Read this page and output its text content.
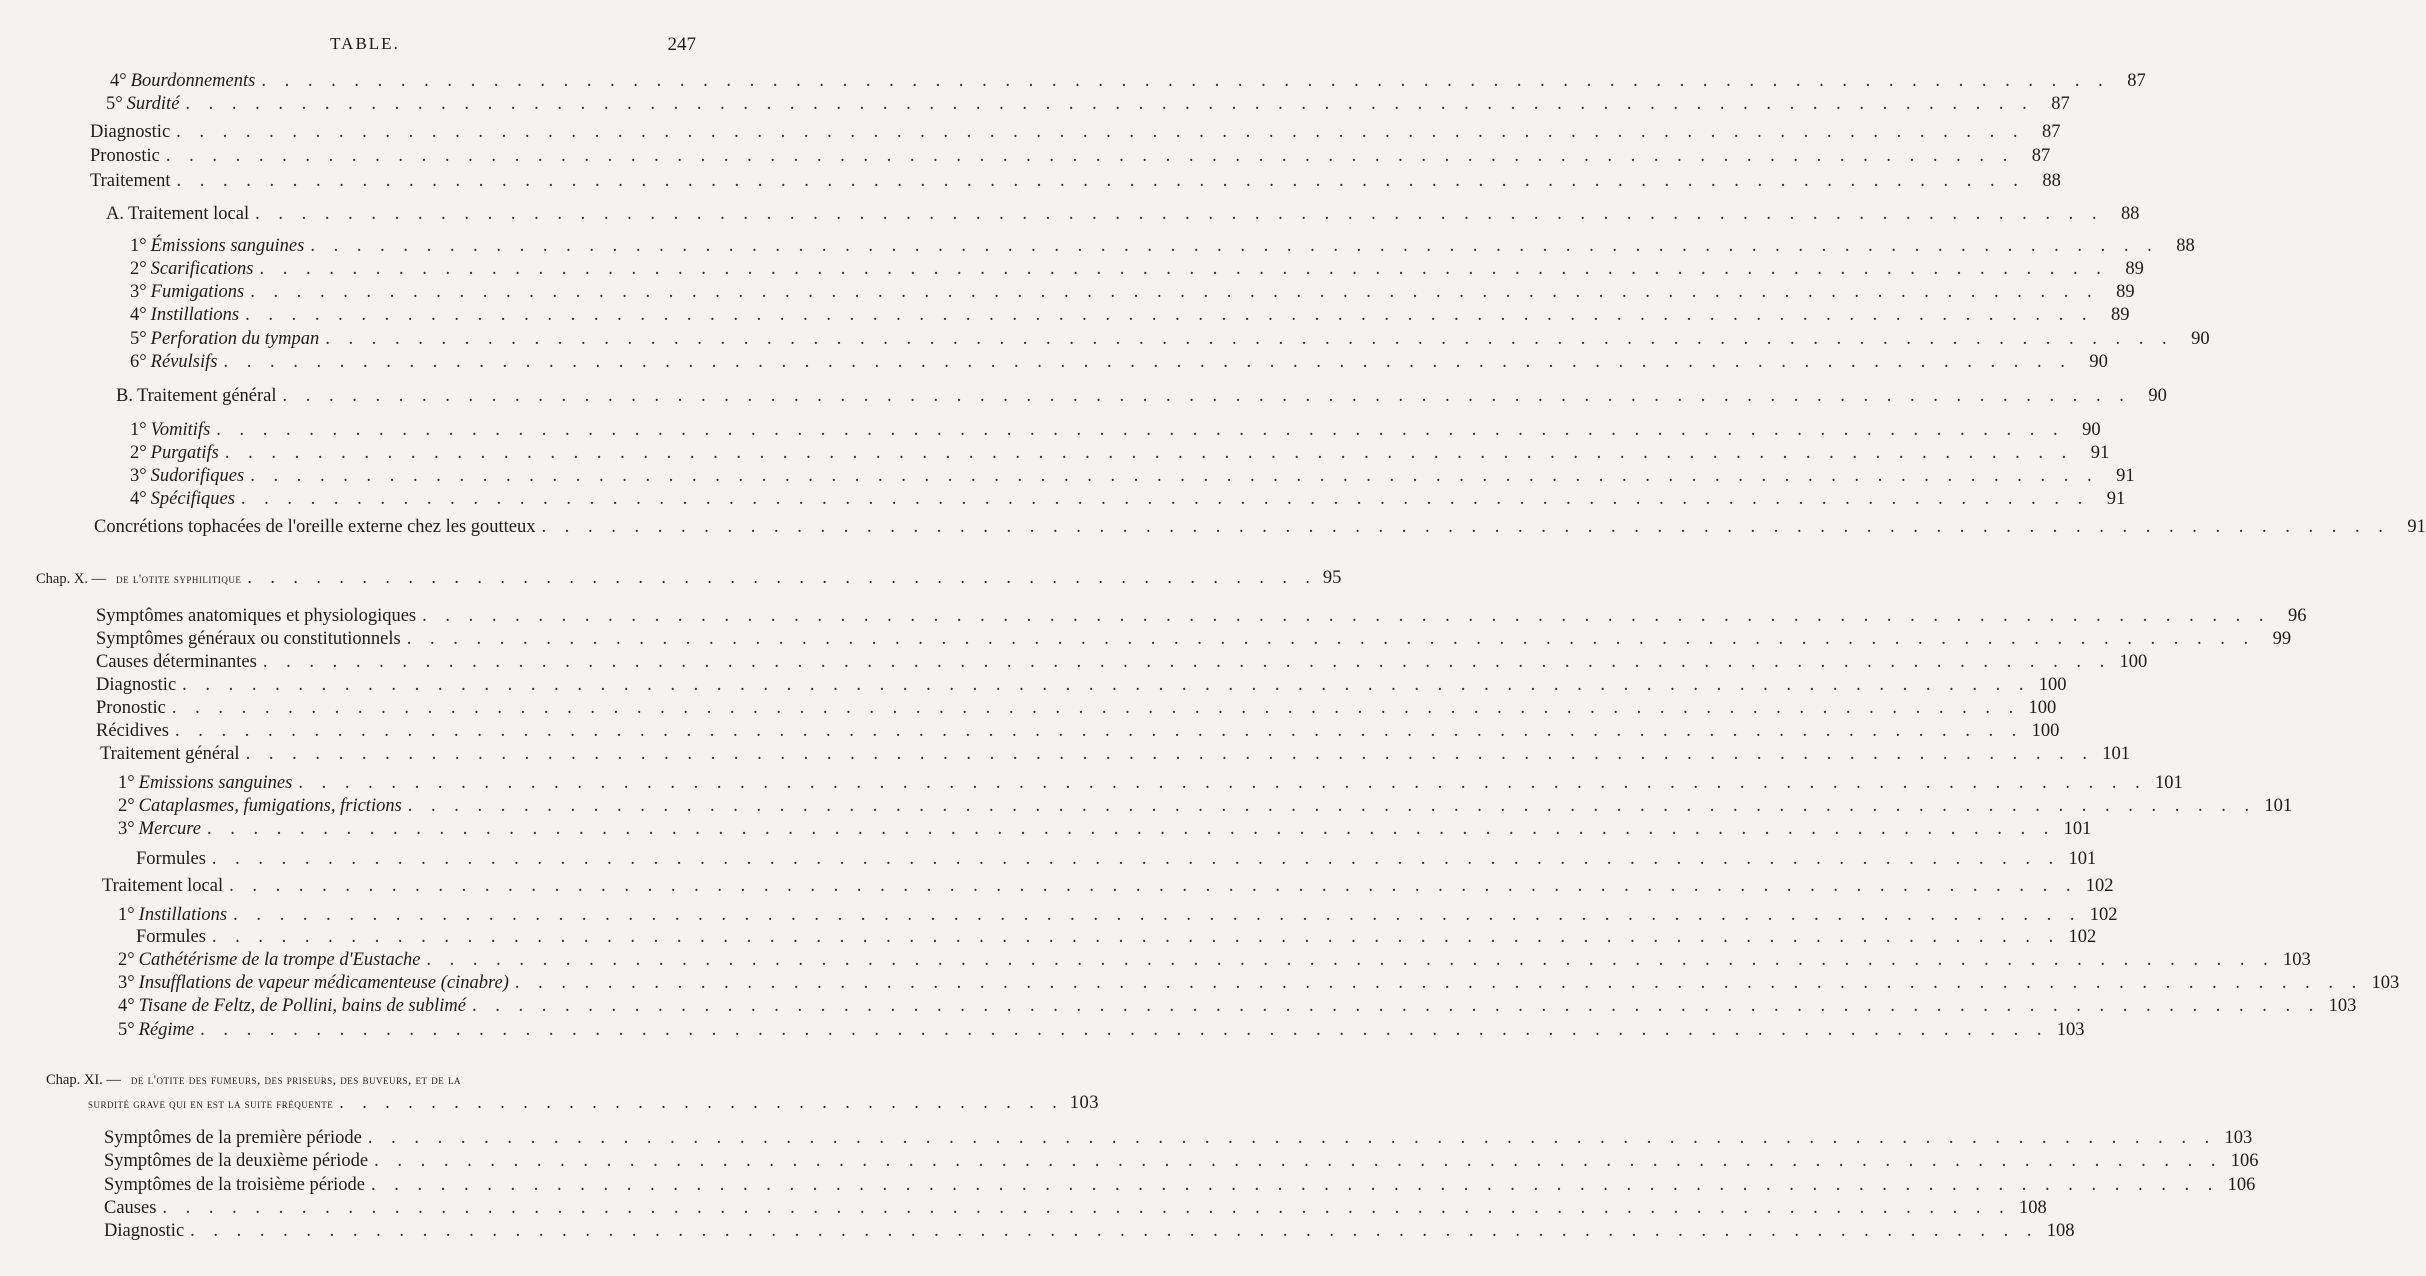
TABLE.	247
4° Bourdonnements . . . . . . . . . . . . . . . . . . . . . . . . . . . . . . . . . . . . . . . . . . . . . . . . . . . . . . . . . . . . . . . . . . . . . . . . . . . . . . . . 87
5° Surdité . . . . . . . . . . . . . . . . . . . . . . . . . . . . . . . . . . . . . . . . . . . . . . . . . . . . . . . . . . . . . . . . . . . . . . . . . . . . . . . . 87
Diagnostic . . . . . . . . . . . . . . . . . . . . . . . . . . . . . . . . . . . . . . . . . . . . . . . . . . . . . . . . . . . . . . . . . . . . . . . . . . . . . . . . 87
Pronostic . . . . . . . . . . . . . . . . . . . . . . . . . . . . . . . . . . . . . . . . . . . . . . . . . . . . . . . . . . . . . . . . . . . . . . . . . . . . . . . . 87
Traitement . . . . . . . . . . . . . . . . . . . . . . . . . . . . . . . . . . . . . . . . . . . . . . . . . . . . . . . . . . . . . . . . . . . . . . . . . . . . . . . . 88
A. Traitement local . . . . . . . . . . . . . . . . . . . . . . . . . . . . . . . . . . . . . . . . . . . . . . . . . . . . . . . . . . . . . . . . . . . . . . . . . . . . . . . . 88
1° Émissions sanguines . . . . . . . . . . . . . . . . . . . . . . . . . . . . . . . . . . . . . . . . . . . . . . . . . . . . . . . . . . . . . . . . . . . . . . . . . . . . . . . . 88
2° Scarifications . . . . . . . . . . . . . . . . . . . . . . . . . . . . . . . . . . . . . . . . . . . . . . . . . . . . . . . . . . . . . . . . . . . . . . . . . . . . . . . . 89
3° Fumigations . . . . . . . . . . . . . . . . . . . . . . . . . . . . . . . . . . . . . . . . . . . . . . . . . . . . . . . . . . . . . . . . . . . . . . . . . . . . . . . . 89
4° Instillations . . . . . . . . . . . . . . . . . . . . . . . . . . . . . . . . . . . . . . . . . . . . . . . . . . . . . . . . . . . . . . . . . . . . . . . . . . . . . . . . 89
5° Perforation du tympan . . . . . . . . . . . . . . . . . . . . . . . . . . . . . . . . . . . . . . . . . . . . . . . . . . . . . . . . . . . . . . . . . . . . . . . . . . . . . . . . 90
6° Révulsifs . . . . . . . . . . . . . . . . . . . . . . . . . . . . . . . . . . . . . . . . . . . . . . . . . . . . . . . . . . . . . . . . . . . . . . . . . . . . . . . . 90
B. Traitement général . . . . . . . . . . . . . . . . . . . . . . . . . . . . . . . . . . . . . . . . . . . . . . . . . . . . . . . . . . . . . . . . . . . . . . . . . . . . . . . . 90
1° Vomitifs . . . . . . . . . . . . . . . . . . . . . . . . . . . . . . . . . . . . . . . . . . . . . . . . . . . . . . . . . . . . . . . . . . . . . . . . . . . . . . . . 90
2° Purgatifs . . . . . . . . . . . . . . . . . . . . . . . . . . . . . . . . . . . . . . . . . . . . . . . . . . . . . . . . . . . . . . . . . . . . . . . . . . . . . . . . 91
3° Sudorifiques . . . . . . . . . . . . . . . . . . . . . . . . . . . . . . . . . . . . . . . . . . . . . . . . . . . . . . . . . . . . . . . . . . . . . . . . . . . . . . . . 91
4° Spécifiques . . . . . . . . . . . . . . . . . . . . . . . . . . . . . . . . . . . . . . . . . . . . . . . . . . . . . . . . . . . . . . . . . . . . . . . . . . . . . . . . 91
Concrétions tophacées de l'oreille externe chez les goutteux . . . . . . . . . . . . . . . . . . . . . . . . . . . . . . . . . . . . . . . . . . . . . . . . . . . . . . . . . . . . . . . . . . . . . . . . . . . . . . . . 91
Symptômes anatomiques et physiologiques . . . . . . . . . . . . . . . . . . . . . . . . . . . . . . . . . . . . . . . . . . . . . . . . . . . . . . . . . . . . . . . . . . . . . . . . . . . . . . . . 96
Symptômes généraux ou constitutionnels . . . . . . . . . . . . . . . . . . . . . . . . . . . . . . . . . . . . . . . . . . . . . . . . . . . . . . . . . . . . . . . . . . . . . . . . . . . . . . . . 99
Causes déterminantes . . . . . . . . . . . . . . . . . . . . . . . . . . . . . . . . . . . . . . . . . . . . . . . . . . . . . . . . . . . . . . . . . . . . . . . . . . . . . . . . 100
Diagnostic . . . . . . . . . . . . . . . . . . . . . . . . . . . . . . . . . . . . . . . . . . . . . . . . . . . . . . . . . . . . . . . . . . . . . . . . . . . . . . . . 100
Pronostic . . . . . . . . . . . . . . . . . . . . . . . . . . . . . . . . . . . . . . . . . . . . . . . . . . . . . . . . . . . . . . . . . . . . . . . . . . . . . . . . 100
Récidives . . . . . . . . . . . . . . . . . . . . . . . . . . . . . . . . . . . . . . . . . . . . . . . . . . . . . . . . . . . . . . . . . . . . . . . . . . . . . . . . 100
Traitement général . . . . . . . . . . . . . . . . . . . . . . . . . . . . . . . . . . . . . . . . . . . . . . . . . . . . . . . . . . . . . . . . . . . . . . . . . . . . . . . . 101
1° Emissions sanguines . . . . . . . . . . . . . . . . . . . . . . . . . . . . . . . . . . . . . . . . . . . . . . . . . . . . . . . . . . . . . . . . . . . . . . . . . . . . . . . . 101
2° Cataplasmes, fumigations, frictions . . . . . . . . . . . . . . . . . . . . . . . . . . . . . . . . . . . . . . . . . . . . . . . . . . . . . . . . . . . . . . . . . . . . . . . . . . . . . . . . 101
3° Mercure . . . . . . . . . . . . . . . . . . . . . . . . . . . . . . . . . . . . . . . . . . . . . . . . . . . . . . . . . . . . . . . . . . . . . . . . . . . . . . . . 101
Formules . . . . . . . . . . . . . . . . . . . . . . . . . . . . . . . . . . . . . . . . . . . . . . . . . . . . . . . . . . . . . . . . . . . . . . . . . . . . . . . . 101
Traitement local . . . . . . . . . . . . . . . . . . . . . . . . . . . . . . . . . . . . . . . . . . . . . . . . . . . . . . . . . . . . . . . . . . . . . . . . . . . . . . . . 102
1° Instillations . . . . . . . . . . . . . . . . . . . . . . . . . . . . . . . . . . . . . . . . . . . . . . . . . . . . . . . . . . . . . . . . . . . . . . . . . . . . . . . . 102
Formules . . . . . . . . . . . . . . . . . . . . . . . . . . . . . . . . . . . . . . . . . . . . . . . . . . . . . . . . . . . . . . . . . . . . . . . . . . . . . . . . 102
2° Cathétérisme de la trompe d'Eustache . . . . . . . . . . . . . . . . . . . . . . . . . . . . . . . . . . . . . . . . . . . . . . . . . . . . . . . . . . . . . . . . . . . . . . . . . . . . . . . . 103
3° Insufflations de vapeur médicamenteuse (cinabre) . . . . . . . . . . . . . . . . . . . . . . . . . . . . . . . . . . . . . . . . . . . . . . . . . . . . . . . . . . . . . . . . . . . . . . . . . . . . . . . . 103
4° Tisane de Feltz, de Pollini, bains de sublimé . . . . . . . . . . . . . . . . . . . . . . . . . . . . . . . . . . . . . . . . . . . . . . . . . . . . . . . . . . . . . . . . . . . . . . . . . . . . . . . . 103
5° Régime . . . . . . . . . . . . . . . . . . . . . . . . . . . . . . . . . . . . . . . . . . . . . . . . . . . . . . . . . . . . . . . . . . . . . . . . . . . . . . . . 103
Symptômes de la première période . . . . . . . . . . . . . . . . . . . . . . . . . . . . . . . . . . . . . . . . . . . . . . . . . . . . . . . . . . . . . . . . . . . . . . . . . . . . . . . . 103
Symptômes de la deuxième période . . . . . . . . . . . . . . . . . . . . . . . . . . . . . . . . . . . . . . . . . . . . . . . . . . . . . . . . . . . . . . . . . . . . . . . . . . . . . . . . 106
Symptômes de la troisième période . . . . . . . . . . . . . . . . . . . . . . . . . . . . . . . . . . . . . . . . . . . . . . . . . . . . . . . . . . . . . . . . . . . . . . . . . . . . . . . . 106
Causes . . . . . . . . . . . . . . . . . . . . . . . . . . . . . . . . . . . . . . . . . . . . . . . . . . . . . . . . . . . . . . . . . . . . . . . . . . . . . . . . 108
Diagnostic . . . . . . . . . . . . . . . . . . . . . . . . . . . . . . . . . . . . . . . . . . . . . . . . . . . . . . . . . . . . . . . . . . . . . . . . . . . . . . . . 108
Chap. X. — de l'otite syphilitique . . . . . . . . . . . . . . . . . . . . . . . . . . . . . . . . . . . . . . . . . . . . . . . 95
Chap. XI. — de l'otite des fumeurs, des priseurs, des buveurs, et de la
surdité grave qui en est la suite fréquente . . . . . . . . . . . . . . . . . . . . . . . . . . . . . . . . 103
